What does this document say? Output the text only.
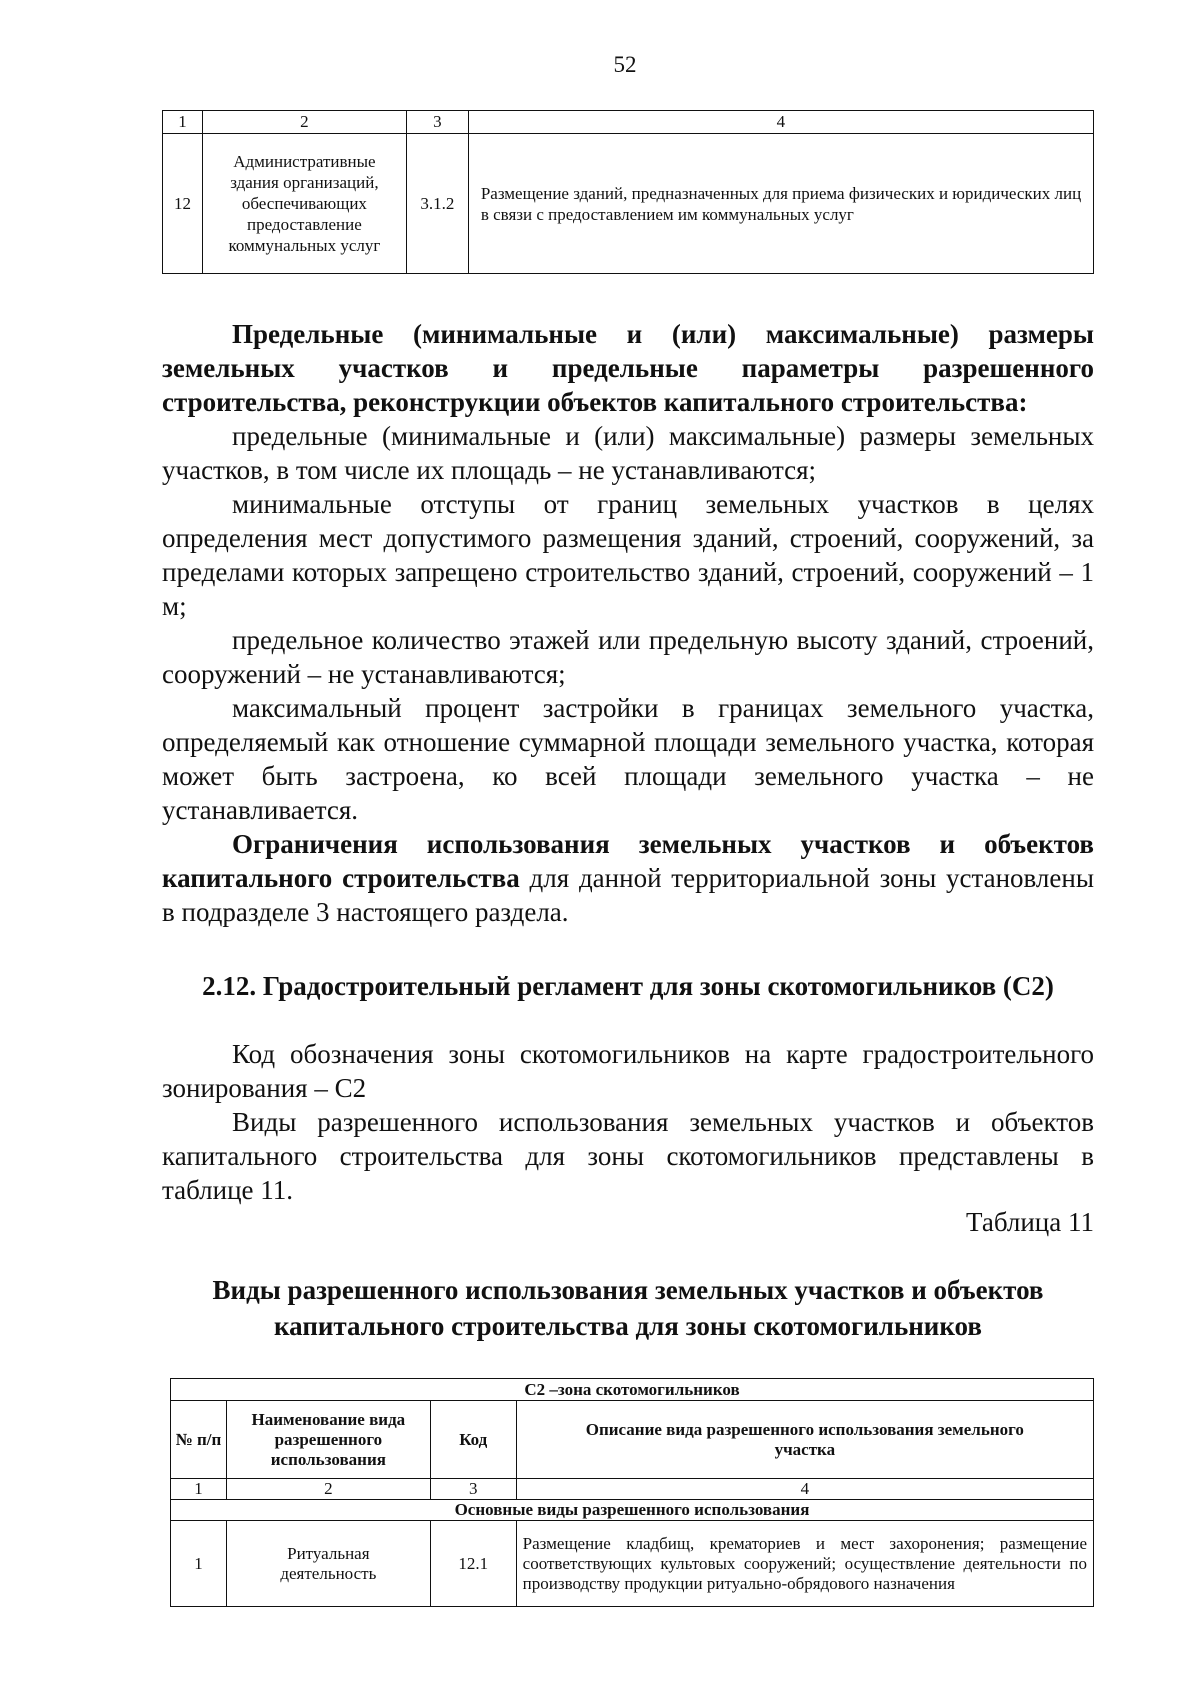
52
1	2	3	4
12	Административные здания организаций, обеспечивающих предоставление коммунальных услуг	3.1.2	Размещение зданий, предназначенных для приема физических и юридических лиц в связи с предоставлением им коммунальных услуг

Предельные (минимальные и (или) максимальные) размеры земельных участков и предельные параметры разрешенного строительства, реконструкции объектов капитального строительства:

предельные (минимальные и (или) максимальные) размеры земельных участков, в том числе их площадь – не устанавливаются;

минимальные отступы от границ земельных участков в целях определения мест допустимого размещения зданий, строений, сооружений, за пределами которых запрещено строительство зданий, строений, сооружений – 1 м;

предельное количество этажей или предельную высоту зданий, строений, сооружений – не устанавливаются;

максимальный процент застройки в границах земельного участка, определяемый как отношение суммарной площади земельного участка, которая может быть застроена, ко всей площади земельного участка – не устанавливается.

Ограничения использования земельных участков и объектов капитального строительства для данной территориальной зоны установлены в подразделе 3 настоящего раздела.

2.12. Градостроительный регламент для зоны скотомогильников (С2)

Код обозначения зоны скотомогильников на карте градостроительного зонирования – С2

Виды разрешенного использования земельных участков и объектов капитального строительства для зоны скотомогильников представлены в таблице 11.

Таблица 11
Виды разрешенного использования земельных участков и объектов
капитального строительства для зоны скотомогильников
С2 –зона скотомогильников			
№ п/п	Наименование вида разрешенного использования	Код	Описание вида разрешенного использования земельного участка
1	2	3	4
Основные виды разрешенного использования			
1	Ритуальная деятельность	12.1	Размещение кладбищ, крематориев и мест захоронения; размещение соответствующих культовых сооружений; осуществление деятельности по производству продукции ритуально-обрядового назначения
